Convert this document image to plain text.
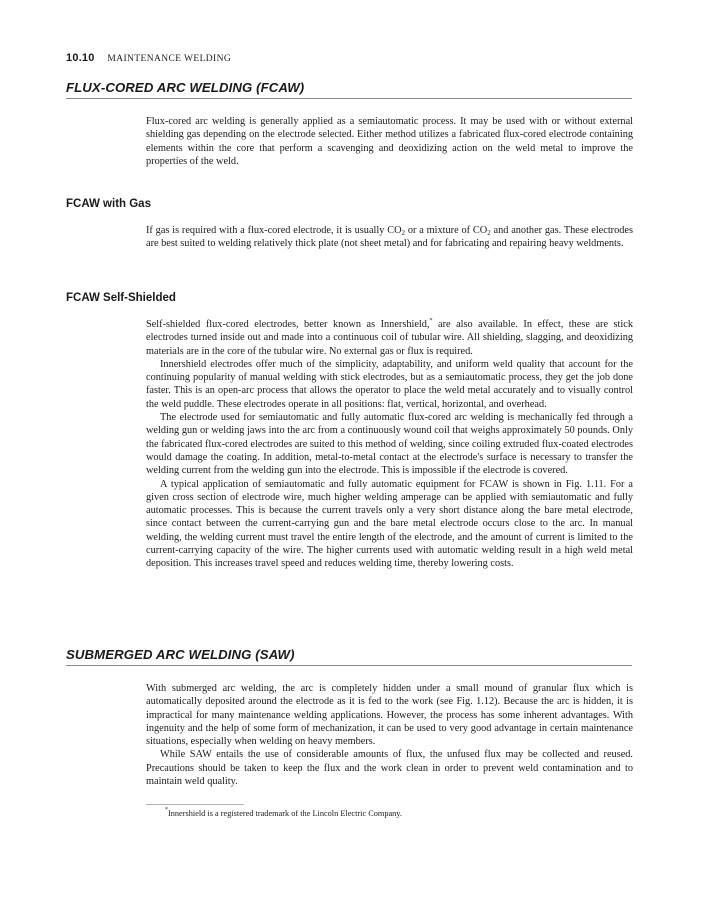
10.10 MAINTENANCE WELDING
FLUX-CORED ARC WELDING (FCAW)

Flux-cored arc welding is generally applied as a semiautomatic process. It may be used with or without external shielding gas depending on the electrode selected. Either method utilizes a fabricated flux-cored electrode containing elements within the core that perform a scavenging and deoxidizing action on the weld metal to improve the properties of the weld.

FCAW with Gas

If gas is required with a flux-cored electrode, it is usually $CO_2$ or a mixture of $CO_2$ and another gas. These electrodes are best suited to welding relatively thick plate (not sheet metal) and for fabricating and repairing heavy weldments.

FCAW Self-Shielded

Self-shielded flux-cored electrodes, better known as Innershield,* are also available. In effect, these are stick electrodes turned inside out and made into a continuous coil of tubular wire. All shielding, slagging, and deoxidizing materials are in the core of the tubular wire. No external gas or flux is required.

Innershield electrodes offer much of the simplicity, adaptability, and uniform weld quality that account for the continuing popularity of manual welding with stick electrodes, but as a semiautomatic process, they get the job done faster. This is an open-arc process that allows the operator to place the weld metal accurately and to visually control the weld puddle. These electrodes operate in all positions: flat, vertical, horizontal, and overhead.

The electrode used for semiautomatic and fully automatic flux-cored arc welding is mechanically fed through a welding gun or welding jaws into the arc from a continuously wound coil that weighs approximately 50 pounds. Only the fabricated flux-cored electrodes are suited to this method of welding, since coiling extruded flux-coated electrodes would damage the coating. In addition, metal-to-metal contact at the electrode's surface is necessary to transfer the welding current from the welding gun into the electrode. This is impossible if the electrode is covered.

A typical application of semiautomatic and fully automatic equipment for FCAW is shown in Fig. 1.11. For a given cross section of electrode wire, much higher welding amperage can be applied with semiautomatic and fully automatic processes. This is because the current travels only a very short distance along the bare metal electrode, since contact between the current-carrying gun and the bare metal electrode occurs close to the arc. In manual welding, the welding current must travel the entire length of the electrode, and the amount of current is limited to the current-carrying capacity of the wire. The higher currents used with automatic welding result in a high weld metal deposition. This increases travel speed and reduces welding time, thereby lowering costs.

SUBMERGED ARC WELDING (SAW)

With submerged arc welding, the arc is completely hidden under a small mound of granular flux which is automatically deposited around the electrode as it is fed to the work (see Fig. 1.12). Because the arc is hidden, it is impractical for many maintenance welding applications. However, the process has some inherent advantages. With ingenuity and the help of some form of mechanization, it can be used to very good advantage in certain maintenance situations, especially when welding on heavy members.

While SAW entails the use of considerable amounts of flux, the unfused flux may be collected and reused. Precautions should be taken to keep the flux and the work clean in order to prevent weld contamination and to maintain weld quality.

*Innershield is a registered trademark of the Lincoln Electric Company.
